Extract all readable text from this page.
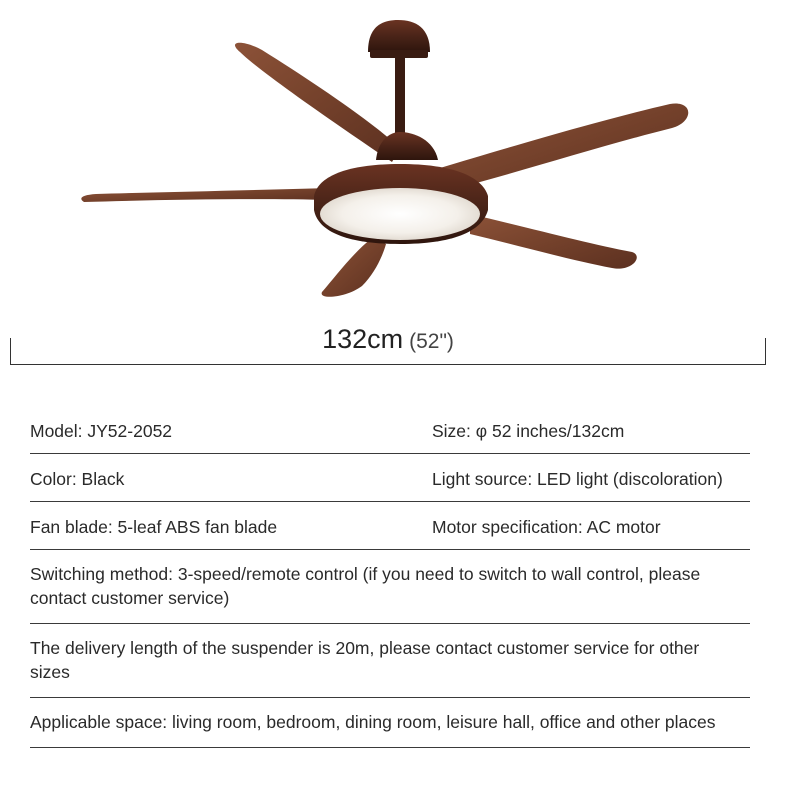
132cm (52")
Model: JY52-2052	Size: φ 52 inches/132cm
Color: Black	Light source: LED light (discoloration)
Fan blade: 5-leaf ABS fan blade	Motor specification: AC motor
Switching method: 3-speed/remote control (if you need to switch to wall control, please contact customer service)
The delivery length of the suspender is 20m, please contact customer service for other sizes
Applicable space: living room, bedroom, dining room, leisure hall, office and other places
